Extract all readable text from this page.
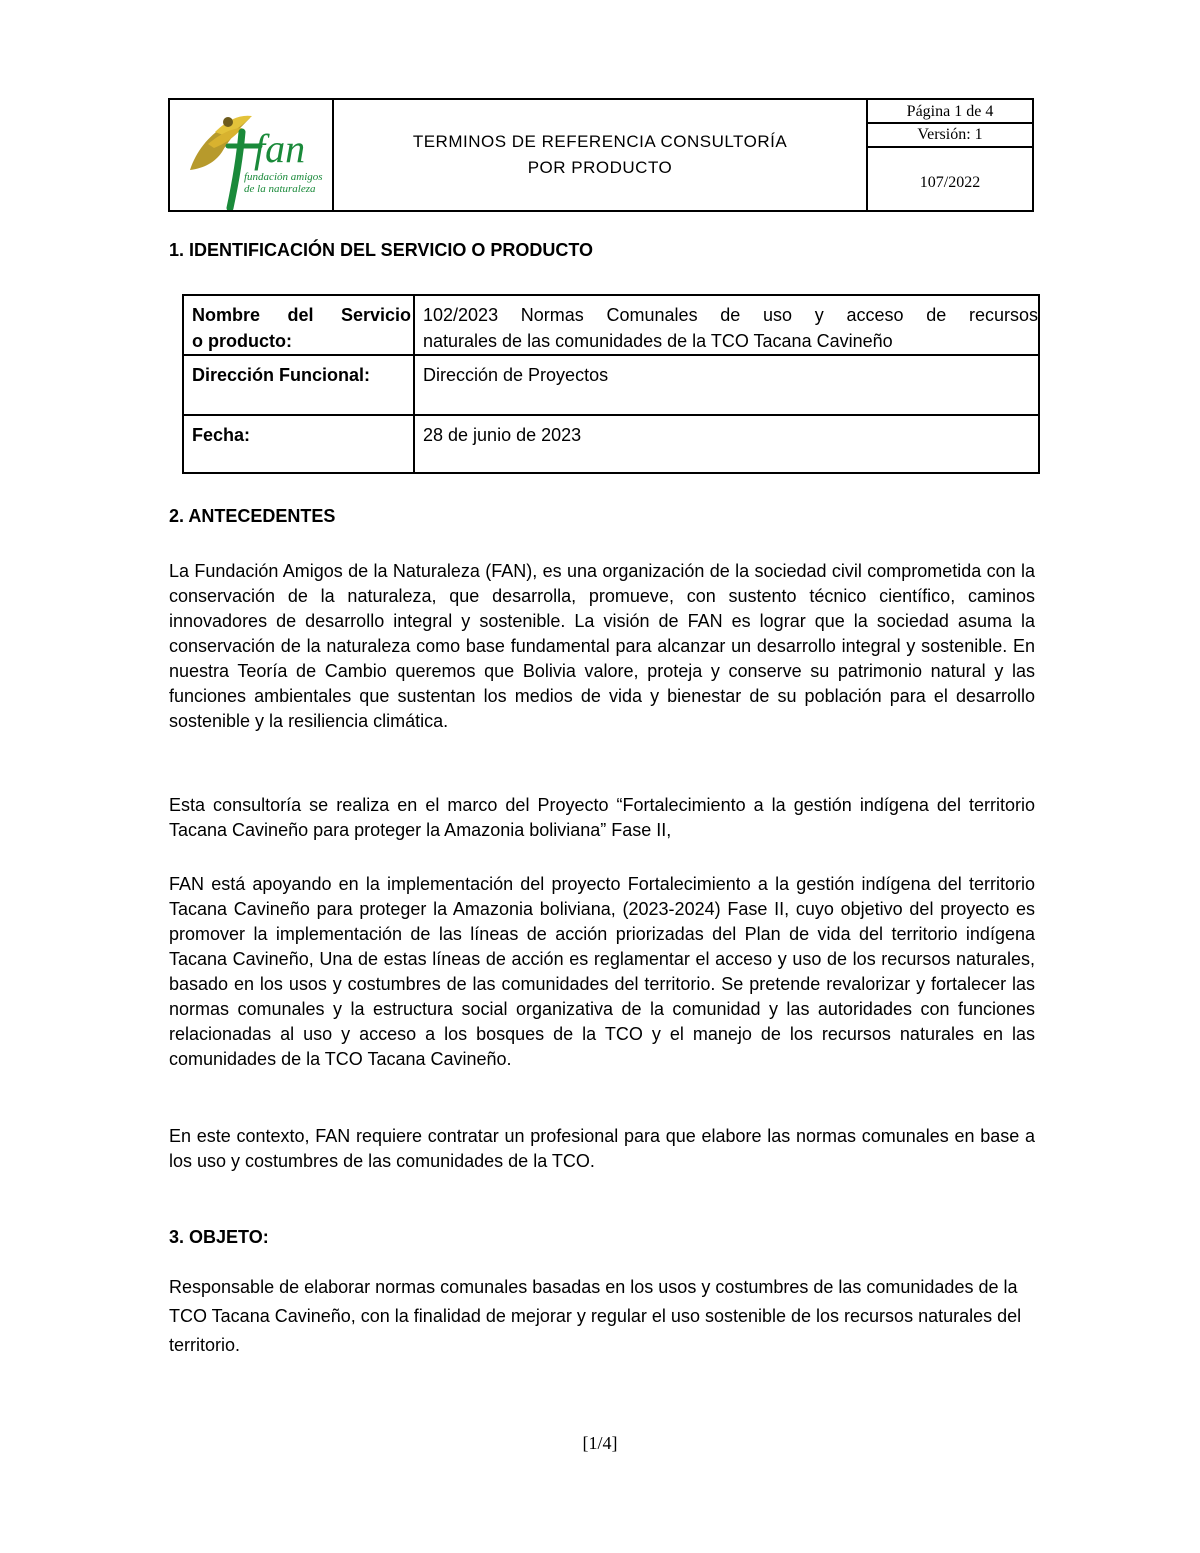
fan
fundación amigos
de la naturaleza
TERMINOS DE REFERENCIA CONSULTORÍA
POR PRODUCTO
Página 1 de 4
Versión: 1
107/2022
1. IDENTIFICACIÓN DEL SERVICIO O PRODUCTO
Nombre del Servicio
o producto:
102/2023 Normas Comunales de uso y acceso de recursos
naturales de las comunidades de la TCO Tacana Cavineño
Dirección Funcional:	Dirección de Proyectos
Fecha:	28 de junio de 2023
2. ANTECEDENTES
La Fundación Amigos de la Naturaleza (FAN), es una organización de la sociedad civil comprometida con la conservación de la naturaleza, que desarrolla, promueve, con sustento técnico científico, caminos innovadores de desarrollo integral y sostenible. La visión de FAN es lograr que la sociedad asuma la conservación de la naturaleza como base fundamental para alcanzar un desarrollo integral y sostenible. En nuestra Teoría de Cambio queremos que Bolivia valore, proteja y conserve su patrimonio natural y las funciones ambientales que sustentan los medios de vida y bienestar de su población para el desarrollo sostenible y la resiliencia climática.
Esta consultoría se realiza en el marco del Proyecto “Fortalecimiento a la gestión indígena del territorio Tacana Cavineño para proteger la Amazonia boliviana” Fase II,
FAN está apoyando en la implementación del proyecto Fortalecimiento a la gestión indígena del territorio Tacana Cavineño para proteger la Amazonia boliviana, (2023-2024) Fase II, cuyo objetivo del proyecto es promover la implementación de las líneas de acción priorizadas del Plan de vida del territorio indígena Tacana Cavineño, Una de estas líneas de acción es reglamentar el acceso y uso de los recursos naturales, basado en los usos y costumbres de las comunidades del territorio. Se pretende revalorizar y fortalecer las normas comunales y la estructura social organizativa de la comunidad y las autoridades con funciones relacionadas al uso y acceso a los bosques de la TCO y el manejo de los recursos naturales en las comunidades de la TCO Tacana Cavineño.
En este contexto, FAN requiere contratar un profesional para que elabore las normas comunales en base a los uso y costumbres de las comunidades de la TCO.
3. OBJETO:
Responsable de elaborar normas comunales basadas en los usos y costumbres de las comunidades de la TCO Tacana Cavineño, con la finalidad de mejorar y regular el uso sostenible de los recursos naturales del territorio.
[1/4]
